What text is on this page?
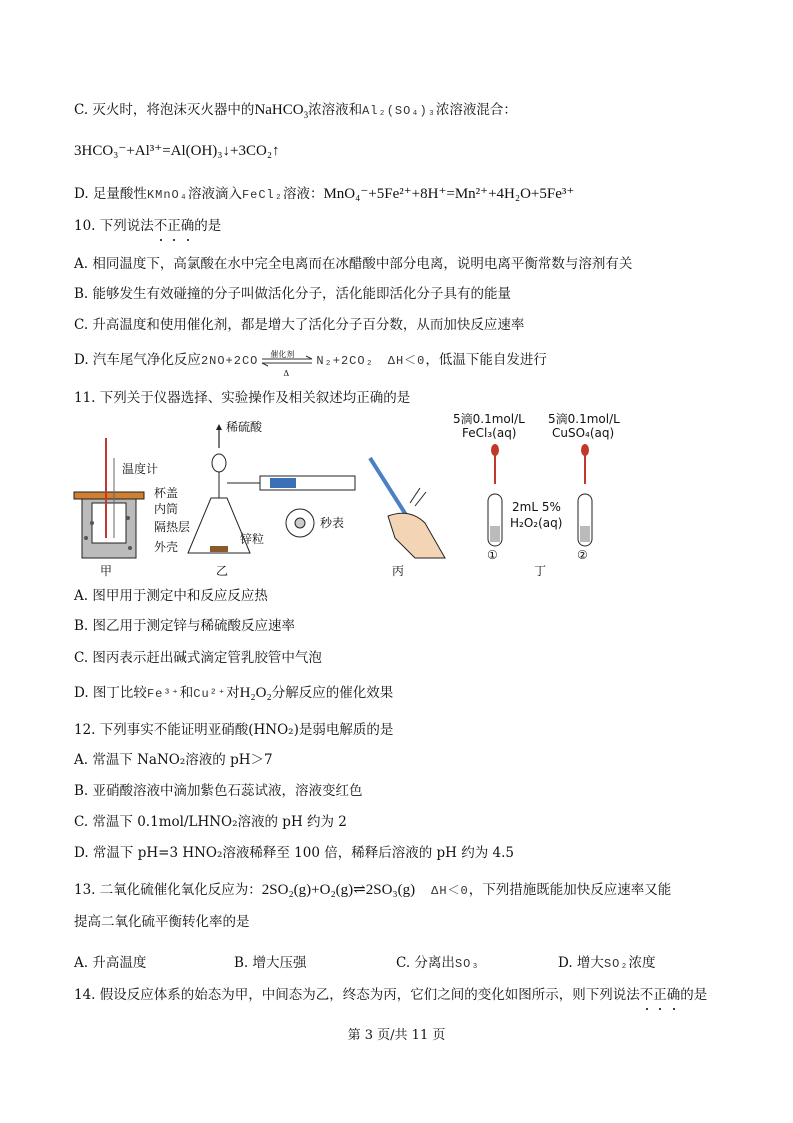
C. 灭火时，将泡沫灭火器中的NaHCO$_3$浓溶液和Al₂(SO₄)₃浓溶液混合：
3HCO₃⁻+Al³⁺=Al(OH)₃↓+3CO₂↑
D. 足量酸性KMnO₄溶液滴入FeCl₂溶液：MnO₄⁻+5Fe²⁺+8H⁺=Mn²⁺+4H₂O+5Fe³⁺
10. 下列说法不正确的是
A. 相同温度下，高氯酸在水中完全电离而在冰醋酸中部分电离，说明电离平衡常数与溶剂有关
B. 能够发生有效碰撞的分子叫做活化分子，活化能即活化分子具有的能量
C. 升高温度和使用催化剂，都是增大了活化分子百分数，从而加快反应速率
D. 汽车尾气净化反应2NO+2CO 催化剂
Δ
N₂+2CO₂ ΔH＜0，低温下能自发进行
11. 下列关于仪器选择、实验操作及相关叙述均正确的是
温度计
杯盖
内筒
隔热层
外壳
甲
稀硫酸
锌粒
秒表
乙	丙
5滴0.1mol/L
FeCl₃(aq)
5滴0.1mol/L
CuSO₄(aq)
2mL 5%
H₂O₂(aq)
①	②
丁
A. 图甲用于测定中和反应反应热
B. 图乙用于测定锌与稀硫酸反应速率
C. 图丙表示赶出碱式滴定管乳胶管中气泡
D. 图丁比较Fe³⁺和Cu²⁺对H₂O₂分解反应的催化效果
12. 下列事实不能证明亚硝酸(HNO₂)是弱电解质的是
A. 常温下 NaNO₂溶液的 pH＞7
B. 亚硝酸溶液中滴加紫色石蕊试液，溶液变红色
C. 常温下 0.1mol/LHNO₂溶液的 pH 约为 2
D. 常温下 pH=3 HNO₂溶液稀释至 100 倍，稀释后溶液的 pH 约为 4.5
13. 二氧化硫催化氧化反应为：2SO₂(g)+O₂(g)⇌2SO₃(g) ΔH＜0，下列措施既能加快反应速率又能
提高二氧化硫平衡转化率的是
A. 升高温度	B. 增大压强	C. 分离出SO₃	D. 增大SO₂浓度
14. 假设反应体系的始态为甲，中间态为乙，终态为丙，它们之间的变化如图所示，则下列说法不正确的是
第 3 页/共 11 页
